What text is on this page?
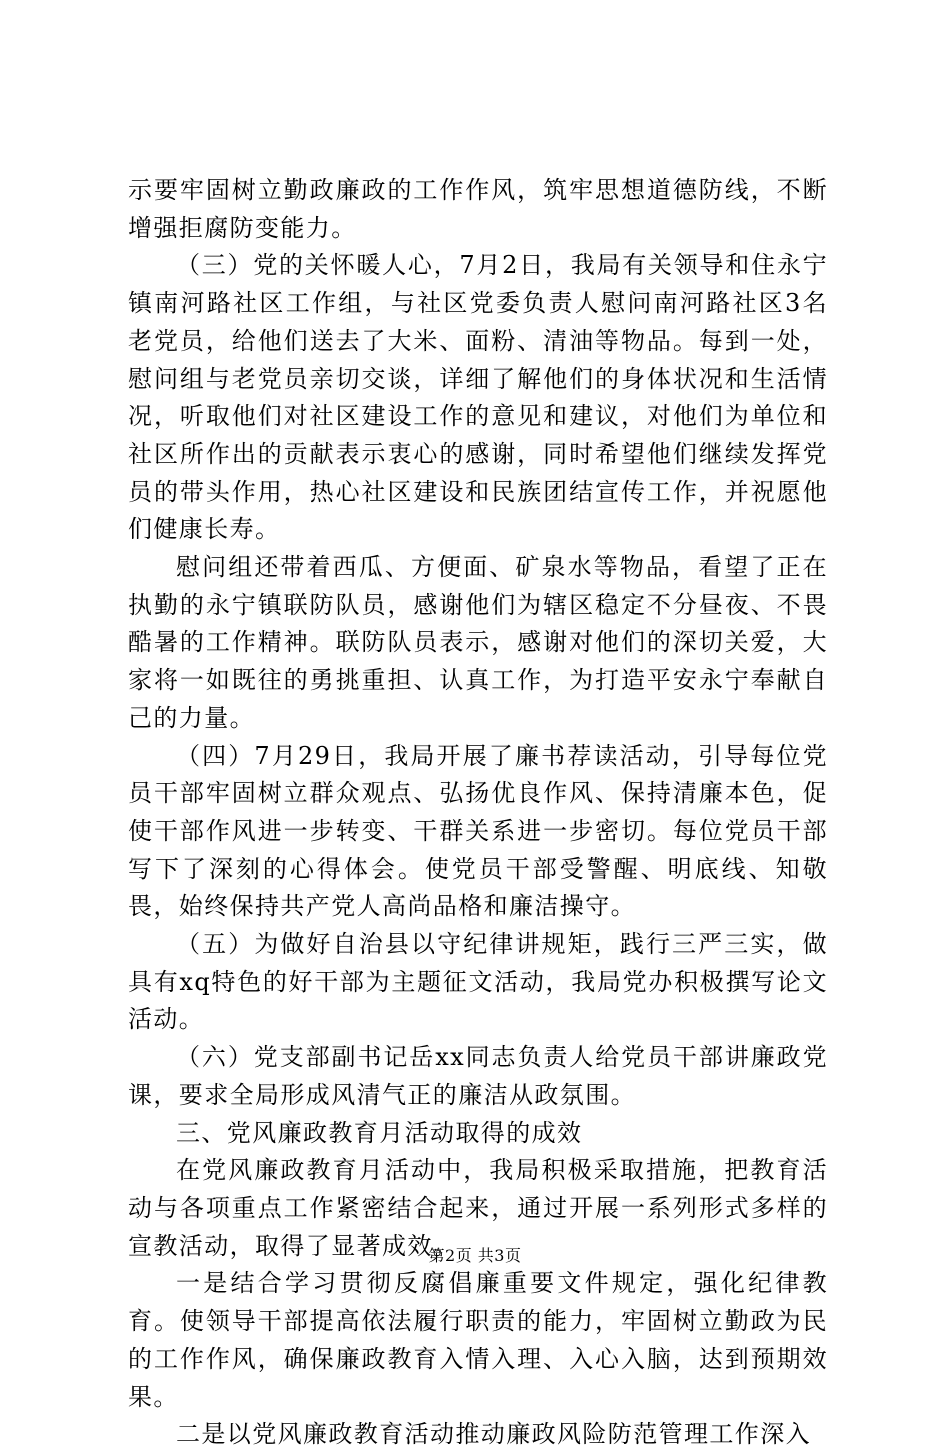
示要牢固树立勤政廉政的工作作风，筑牢思想道德防线，不断增强拒腐防变能力。

（三）党的关怀暖人心，7月2日，我局有关领导和住永宁镇南河路社区工作组，与社区党委负责人慰问南河路社区3名老党员，给他们送去了大米、面粉、清油等物品。每到一处，慰问组与老党员亲切交谈，详细了解他们的身体状况和生活情况，听取他们对社区建设工作的意见和建议，对他们为单位和社区所作出的贡献表示衷心的感谢，同时希望他们继续发挥党员的带头作用，热心社区建设和民族团结宣传工作，并祝愿他们健康长寿。

慰问组还带着西瓜、方便面、矿泉水等物品，看望了正在执勤的永宁镇联防队员，感谢他们为辖区稳定不分昼夜、不畏酷暑的工作精神。联防队员表示，感谢对他们的深切关爱，大家将一如既往的勇挑重担、认真工作，为打造平安永宁奉献自己的力量。

（四）7月29日，我局开展了廉书荐读活动，引导每位党员干部牢固树立群众观点、弘扬优良作风、保持清廉本色，促使干部作风进一步转变、干群关系进一步密切。每位党员干部写下了深刻的心得体会。使党员干部受警醒、明底线、知敬畏，始终保持共产党人高尚品格和廉洁操守。

（五）为做好自治县以守纪律讲规矩，践行三严三实，做具有xq特色的好干部为主题征文活动，我局党办积极撰写论文活动。

（六）党支部副书记岳xx同志负责人给党员干部讲廉政党课，要求全局形成风清气正的廉洁从政氛围。

三、党风廉政教育月活动取得的成效

在党风廉政教育月活动中，我局积极采取措施，把教育活动与各项重点工作紧密结合起来，通过开展一系列形式多样的宣教活动，取得了显著成效。

一是结合学习贯彻反腐倡廉重要文件规定，强化纪律教育。使领导干部提高依法履行职责的能力，牢固树立勤政为民的工作作风，确保廉政教育入情入理、入心入脑，达到预期效果。

二是以党风廉政教育活动推动廉政风险防范管理工作深入

第2页 共3页
